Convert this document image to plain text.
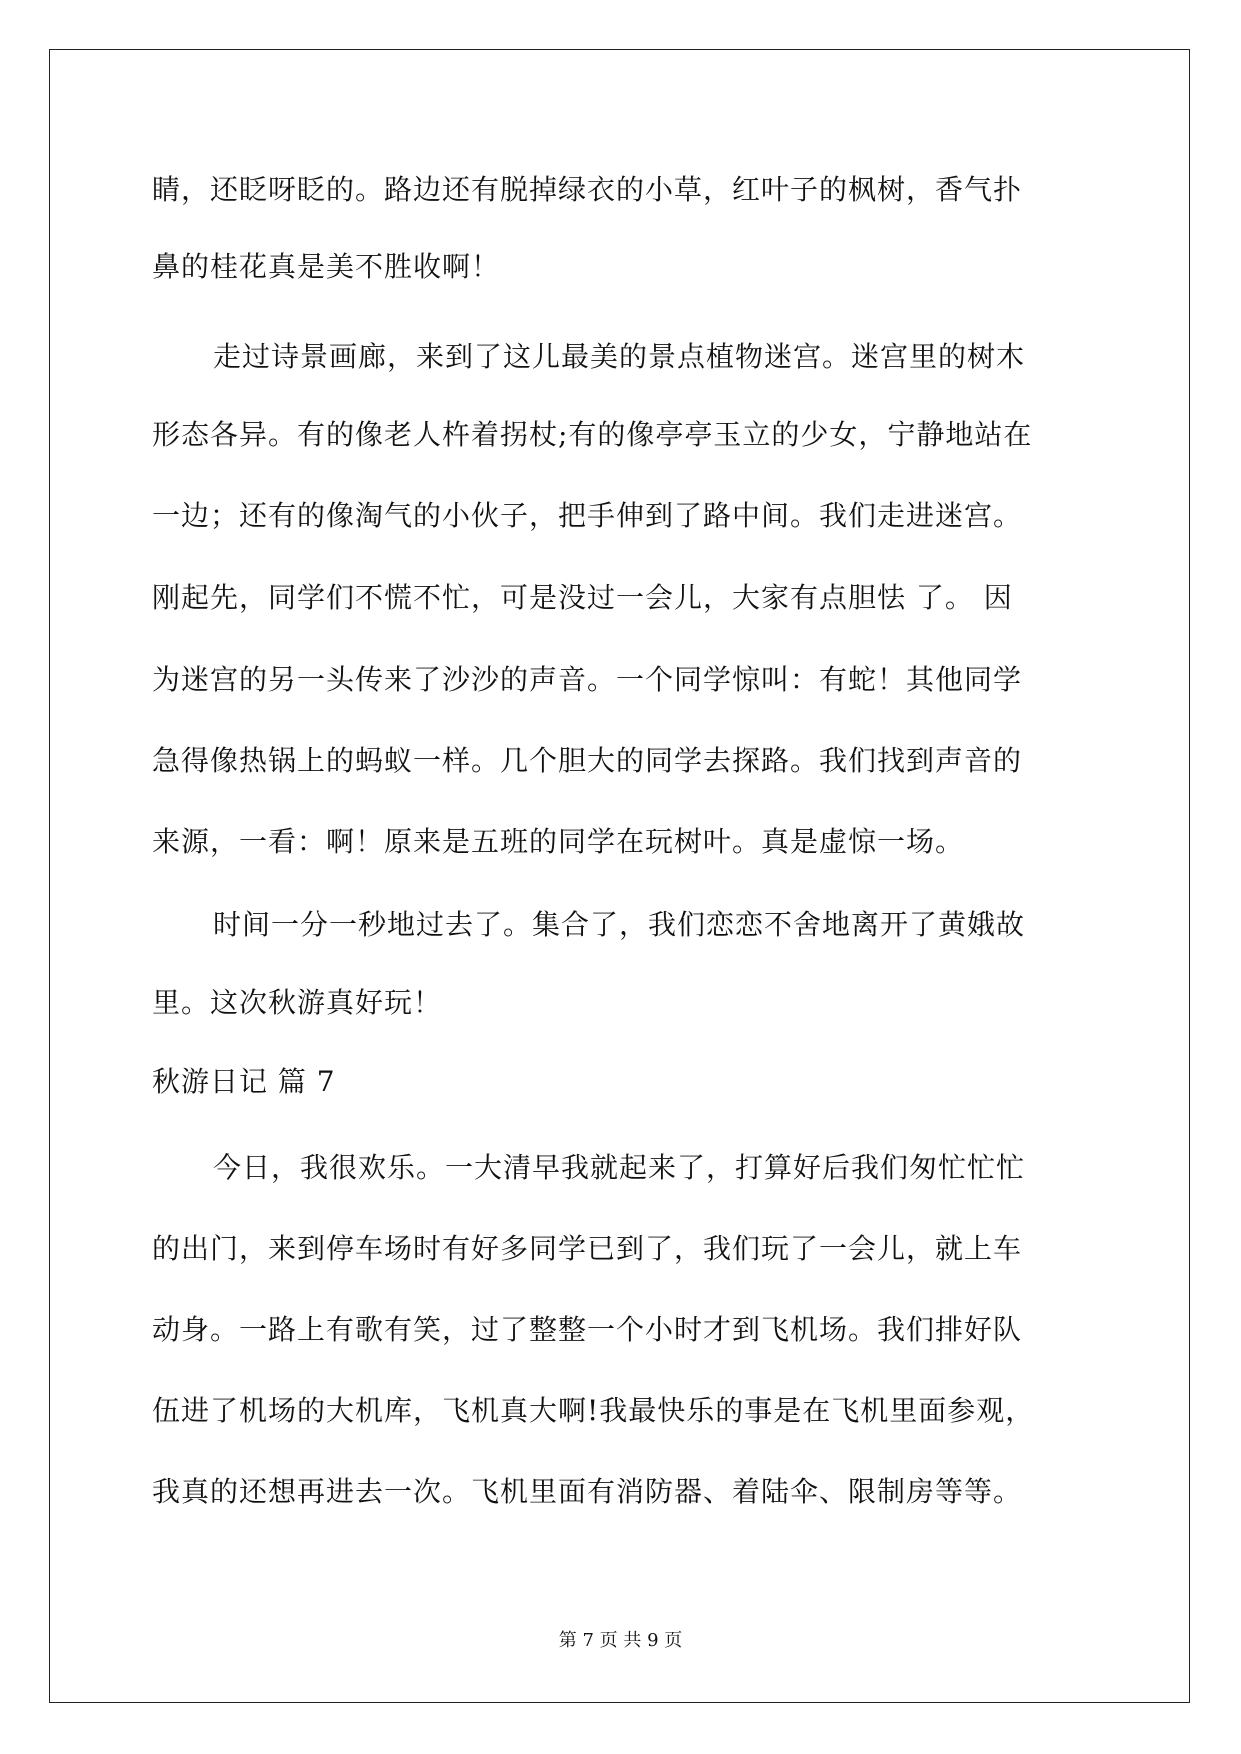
睛，还眨呀眨的。路边还有脱掉绿衣的小草，红叶子的枫树，香气扑
鼻的桂花真是美不胜收啊！
走过诗景画廊，来到了这儿最美的景点植物迷宫。迷宫里的树木
形态各异。有的像老人杵着拐杖;有的像亭亭玉立的少女，宁静地站在
一边；还有的像淘气的小伙子，把手伸到了路中间。我们走进迷宫。
刚起先，同学们不慌不忙，可是没过一会儿，大家有点胆怯 了。 因
为迷宫的另一头传来了沙沙的声音。一个同学惊叫：有蛇！其他同学
急得像热锅上的蚂蚁一样。几个胆大的同学去探路。我们找到声音的
来源，一看：啊！原来是五班的同学在玩树叶。真是虚惊一场。
时间一分一秒地过去了。集合了，我们恋恋不舍地离开了黄娥故
里。这次秋游真好玩！
秋游日记 篇 7
今日，我很欢乐。一大清早我就起来了，打算好后我们匆忙忙忙
的出门，来到停车场时有好多同学已到了，我们玩了一会儿，就上车
动身。一路上有歌有笑，过了整整一个小时才到飞机场。我们排好队
伍进了机场的大机库，飞机真大啊!我最快乐的事是在飞机里面参观，
我真的还想再进去一次。飞机里面有消防器、着陆伞、限制房等等。
第 7 页 共 9 页
